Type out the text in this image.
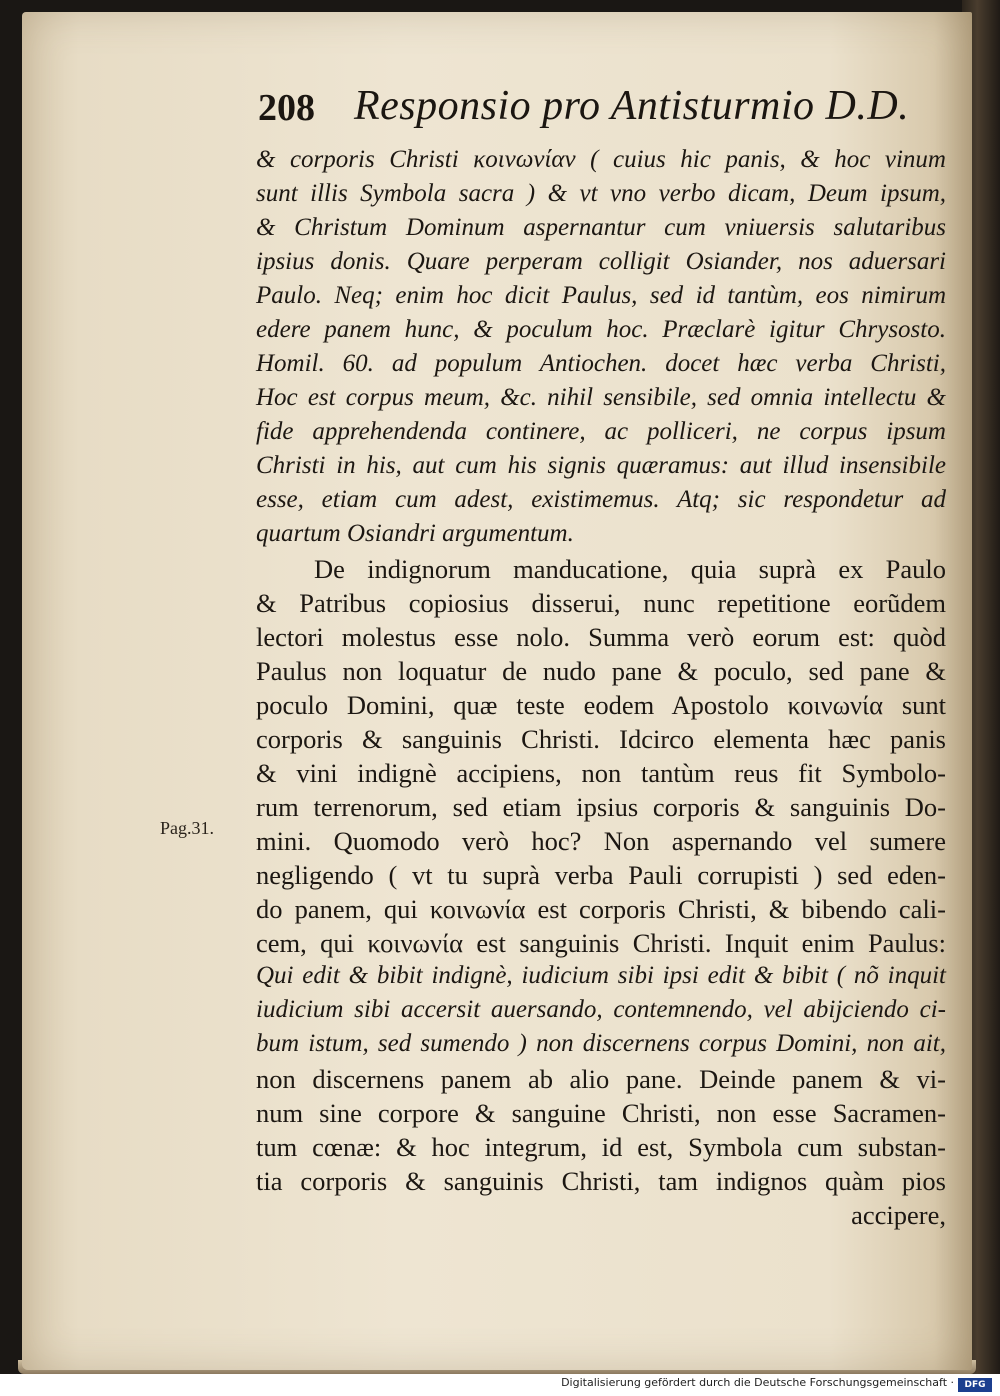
208 Responsio pro Antisturmio D.D.
Pag.31.
& corporis Christi κοινωνίαν ( cuius hic panis, & hoc vinum
sunt illis Symbola sacra ) & vt vno verbo dicam, Deum ipsum,
& Christum Dominum aspernantur cum vniuersis salutaribus
ipsius donis. Quare perperam colligit Osiander, nos aduersari
Paulo. Neq; enim hoc dicit Paulus, sed id tantùm, eos nimirum
edere panem hunc, & poculum hoc. Præclarè igitur Chrysosto.
Homil. 60. ad populum Antiochen. docet hæc verba Christi,
Hoc est corpus meum, &c. nihil sensibile, sed omnia intellectu &
fide apprehendenda continere, ac polliceri, ne corpus ipsum
Christi in his, aut cum his signis quæramus: aut illud insensibile
esse, etiam cum adest, existimemus. Atq; sic respondetur ad
quartum Osiandri argumentum.
De indignorum manducatione, quia suprà ex Paulo
& Patribus copiosius disserui, nunc repetitione eorũdem
lectori molestus esse nolo. Summa verò eorum est: quòd
Paulus non loquatur de nudo pane & poculo, sed pane &
poculo Domini, quæ teste eodem Apostolo κοινωνία sunt
corporis & sanguinis Christi. Idcirco elementa hæc panis
& vini indignè accipiens, non tantùm reus fit Symbolo-
rum terrenorum, sed etiam ipsius corporis & sanguinis Do-
mini. Quomodo verò hoc? Non aspernando vel sumere
negligendo ( vt tu suprà verba Pauli corrupisti ) sed eden-
do panem, qui κοινωνία est corporis Christi, & bibendo cali-
cem, qui κοινωνία est sanguinis Christi. Inquit enim Paulus:
Qui edit & bibit indignè, iudicium sibi ipsi edit & bibit ( nõ inquit
iudicium sibi accersit auersando, contemnendo, vel abijciendo ci-
bum istum, sed sumendo ) non discernens corpus Domini, non ait,
non discernens panem ab alio pane. Deinde panem & vi-
num sine corpore & sanguine Christi, non esse Sacramen-
tum cœnæ: & hoc integrum, id est, Symbola cum substan-
tia corporis & sanguinis Christi, tam indignos quàm pios
accipere,
Digitalisierung gefördert durch die Deutsche Forschungsgemeinschaft ·	DFG
